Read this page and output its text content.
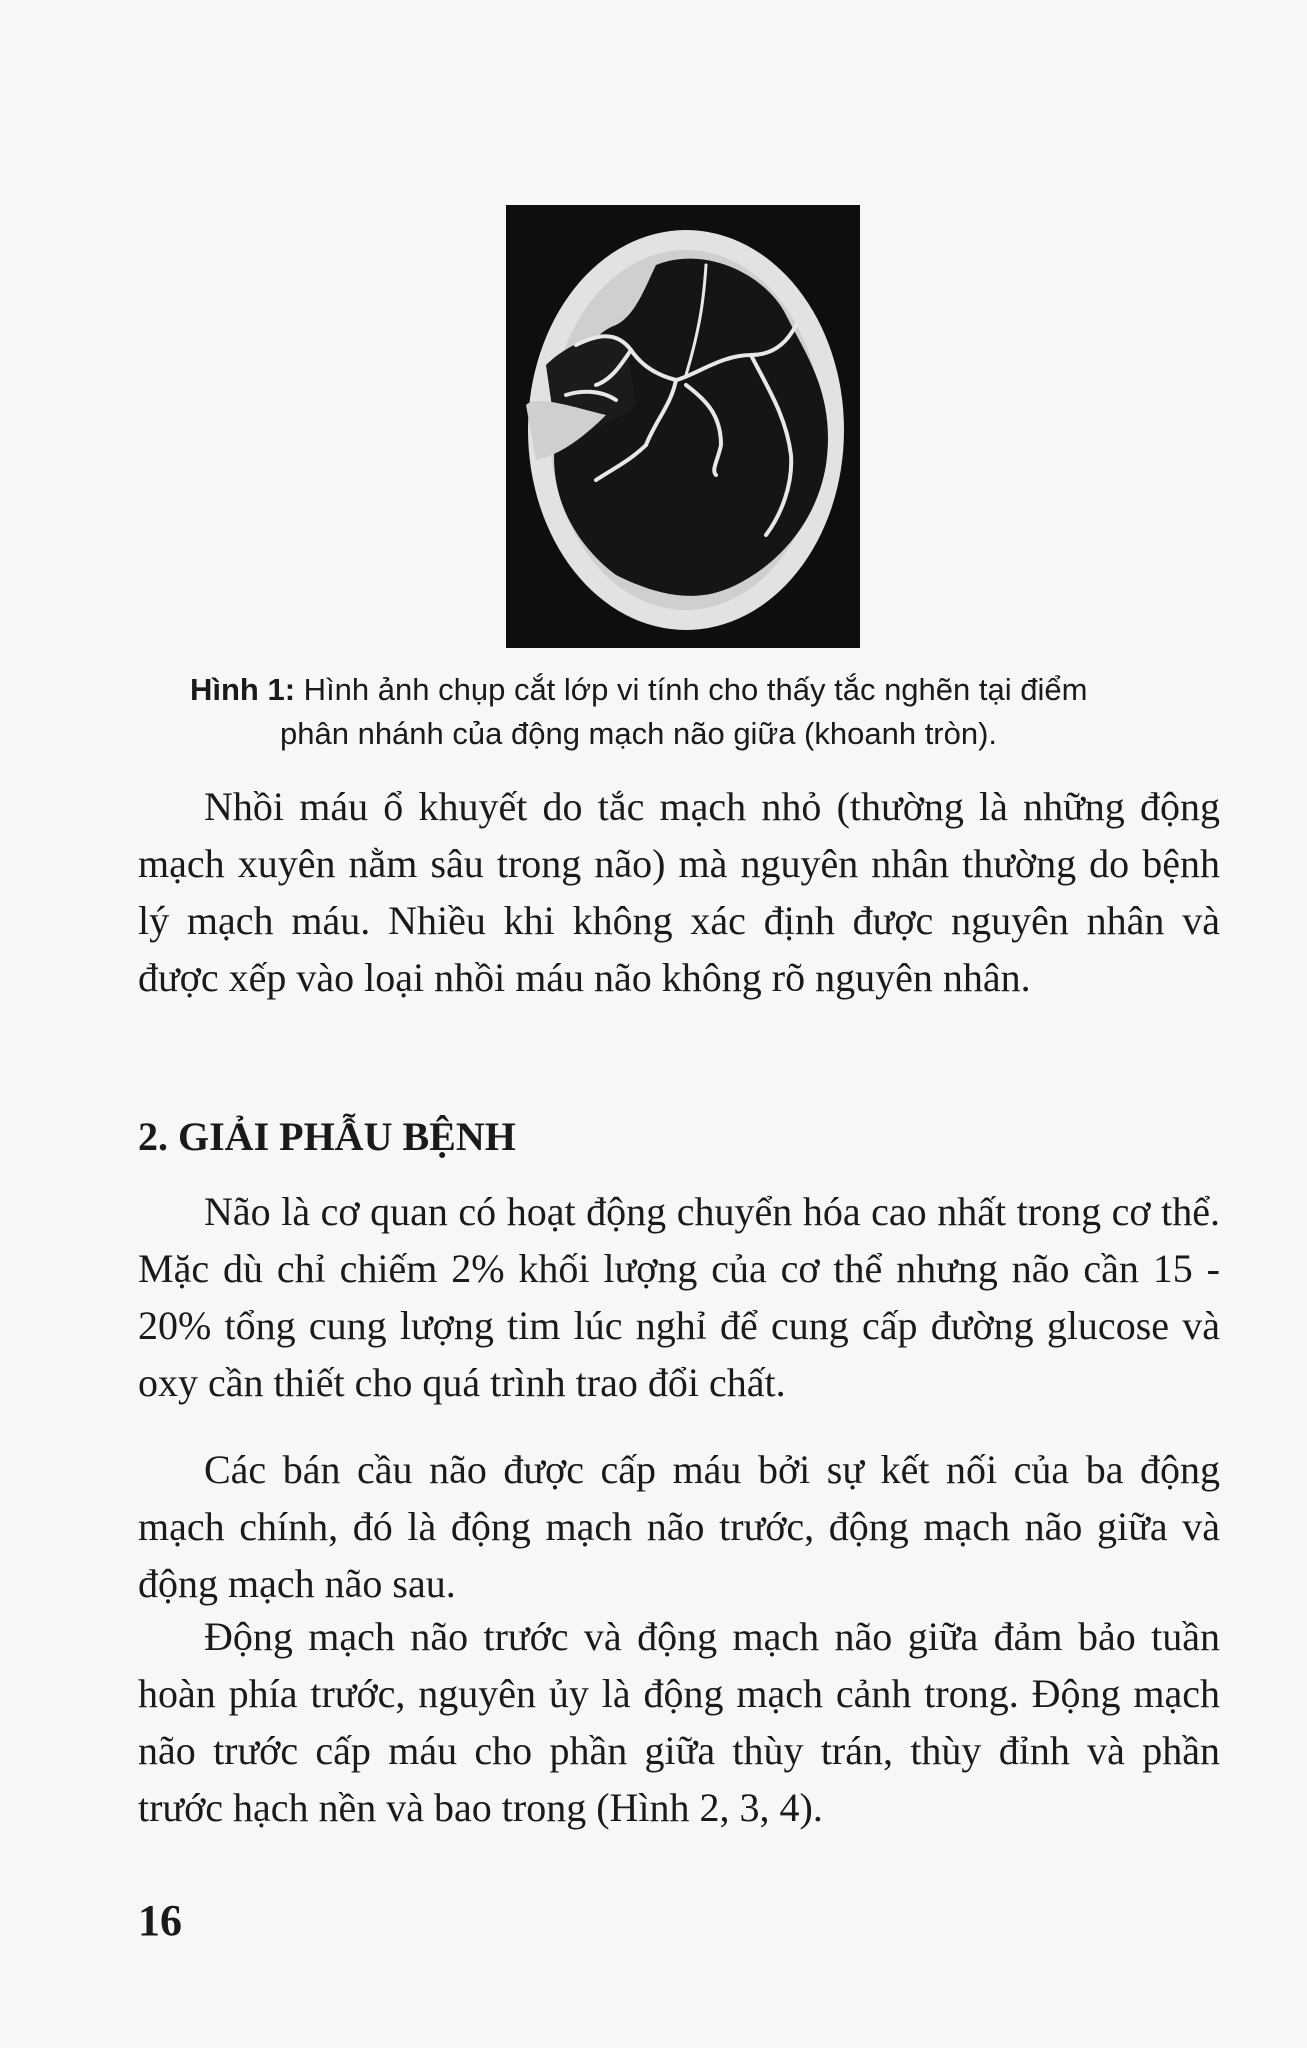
Hình 1: Hình ảnh chụp cắt lớp vi tính cho thấy tắc nghẽn tại điểm
phân nhánh của động mạch não giữa (khoanh tròn).

Nhồi máu ổ khuyết do tắc mạch nhỏ (thường là những động mạch xuyên nằm sâu trong não) mà nguyên nhân thường do bệnh lý mạch máu. Nhiều khi không xác định được nguyên nhân và được xếp vào loại nhồi máu não không rõ nguyên nhân.

2. GIẢI PHẪU BỆNH

Não là cơ quan có hoạt động chuyển hóa cao nhất trong cơ thể. Mặc dù chỉ chiếm 2% khối lượng của cơ thể nhưng não cần 15 - 20% tổng cung lượng tim lúc nghỉ để cung cấp đường glucose và oxy cần thiết cho quá trình trao đổi chất.

Các bán cầu não được cấp máu bởi sự kết nối của ba động mạch chính, đó là động mạch não trước, động mạch não giữa và động mạch não sau.

Động mạch não trước và động mạch não giữa đảm bảo tuần hoàn phía trước, nguyên ủy là động mạch cảnh trong. Động mạch não trước cấp máu cho phần giữa thùy trán, thùy đỉnh và phần trước hạch nền và bao trong (Hình 2, 3, 4).

16
